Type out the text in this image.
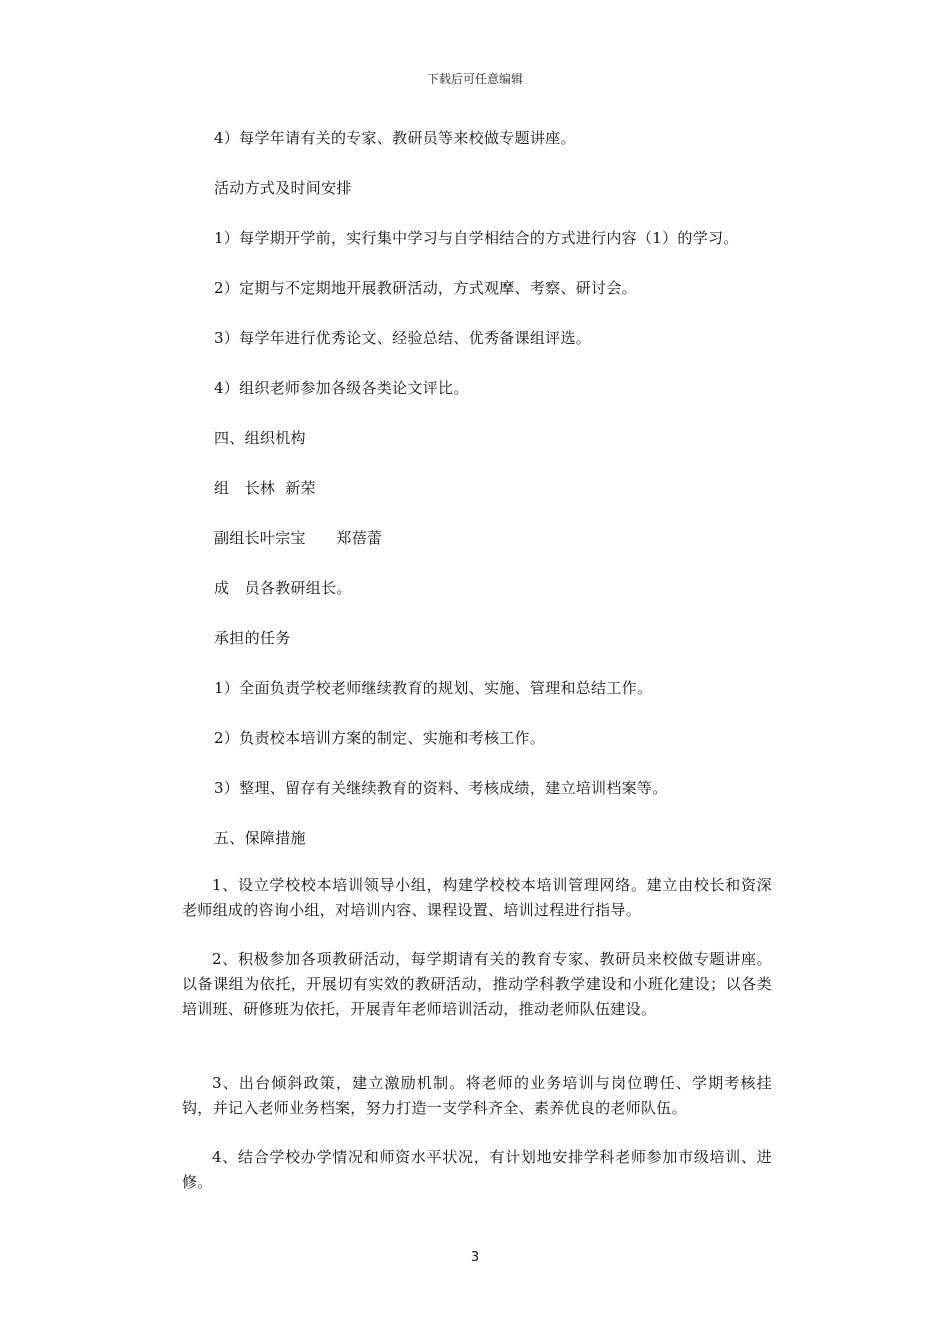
下载后可任意编辑
4）每学年请有关的专家、教研员等来校做专题讲座。
活动方式及时间安排
1）每学期开学前，实行集中学习与自学相结合的方式进行内容（1）的学习。
2）定期与不定期地开展教研活动，方式观摩、考察、研讨会。
3）每学年进行优秀论文、经验总结、优秀备课组评选。
4）组织老师参加各级各类论文评比。
四、组织机构
组　长林  新荣
副组长叶宗宝　　郑蓓蕾
成　员各教研组长。
承担的任务
1）全面负责学校老师继续教育的规划、实施、管理和总结工作。
2）负责校本培训方案的制定、实施和考核工作。
3）整理、留存有关继续教育的资料、考核成绩，建立培训档案等。
五、保障措施
1、设立学校校本培训领导小组，构建学校校本培训管理网络。建立由校长和资深老师组成的咨询小组，对培训内容、课程设置、培训过程进行指导。
2、积极参加各项教研活动，每学期请有关的教育专家、教研员来校做专题讲座。以备课组为依托，开展切有实效的教研活动，推动学科教学建设和小班化建设；以各类培训班、研修班为依托，开展青年老师培训活动，推动老师队伍建设。
3、出台倾斜政策，建立激励机制。将老师的业务培训与岗位聘任、学期考核挂钩，并记入老师业务档案，努力打造一支学科齐全、素养优良的老师队伍。
4、结合学校办学情况和师资水平状况，有计划地安排学科老师参加市级培训、进修。
3
